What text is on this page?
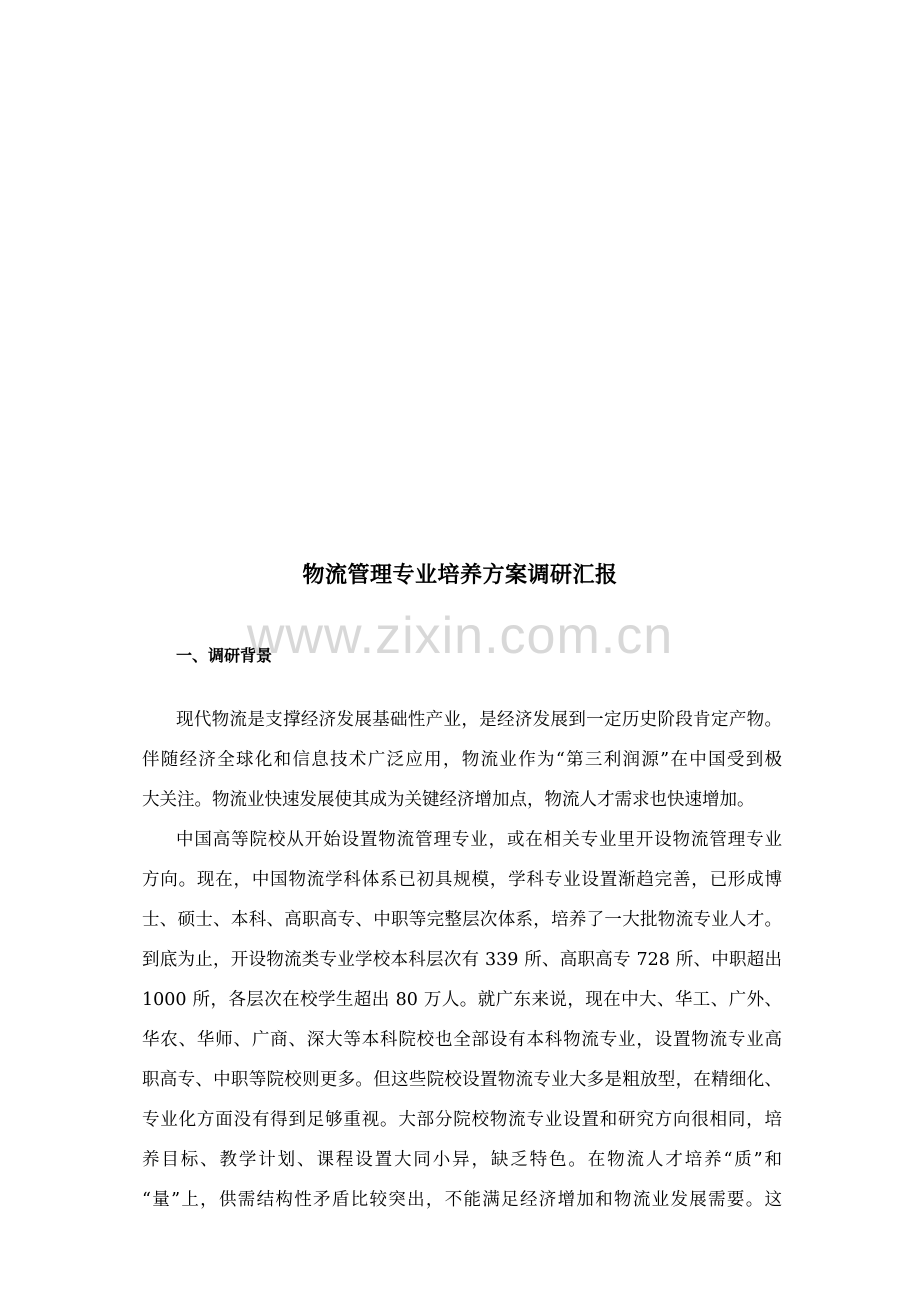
www.zixin.com.cn
物流管理专业培养方案调研汇报
一、调研背景
现代物流是支撑经济发展基础性产业，是经济发展到一定历史阶段肯定产物。
伴随经济全球化和信息技术广泛应用，物流业作为“第三利润源”在中国受到极
大关注。物流业快速发展使其成为关键经济增加点，物流人才需求也快速增加。
中国高等院校从开始设置物流管理专业，或在相关专业里开设物流管理专业
方向。现在，中国物流学科体系已初具规模，学科专业设置渐趋完善，已形成博
士、硕士、本科、高职高专、中职等完整层次体系，培养了一大批物流专业人才。
到底为止，开设物流类专业学校本科层次有 339 所、高职高专 728 所、中职超出
1000 所，各层次在校学生超出 80 万人。就广东来说，现在中大、华工、广外、
华农、华师、广商、深大等本科院校也全部设有本科物流专业，设置物流专业高
职高专、中职等院校则更多。但这些院校设置物流专业大多是粗放型，在精细化、
专业化方面没有得到足够重视。大部分院校物流专业设置和研究方向很相同，培
养目标、教学计划、课程设置大同小异，缺乏特色。在物流人才培养“质”和
“量”上，供需结构性矛盾比较突出，不能满足经济增加和物流业发展需要。这
